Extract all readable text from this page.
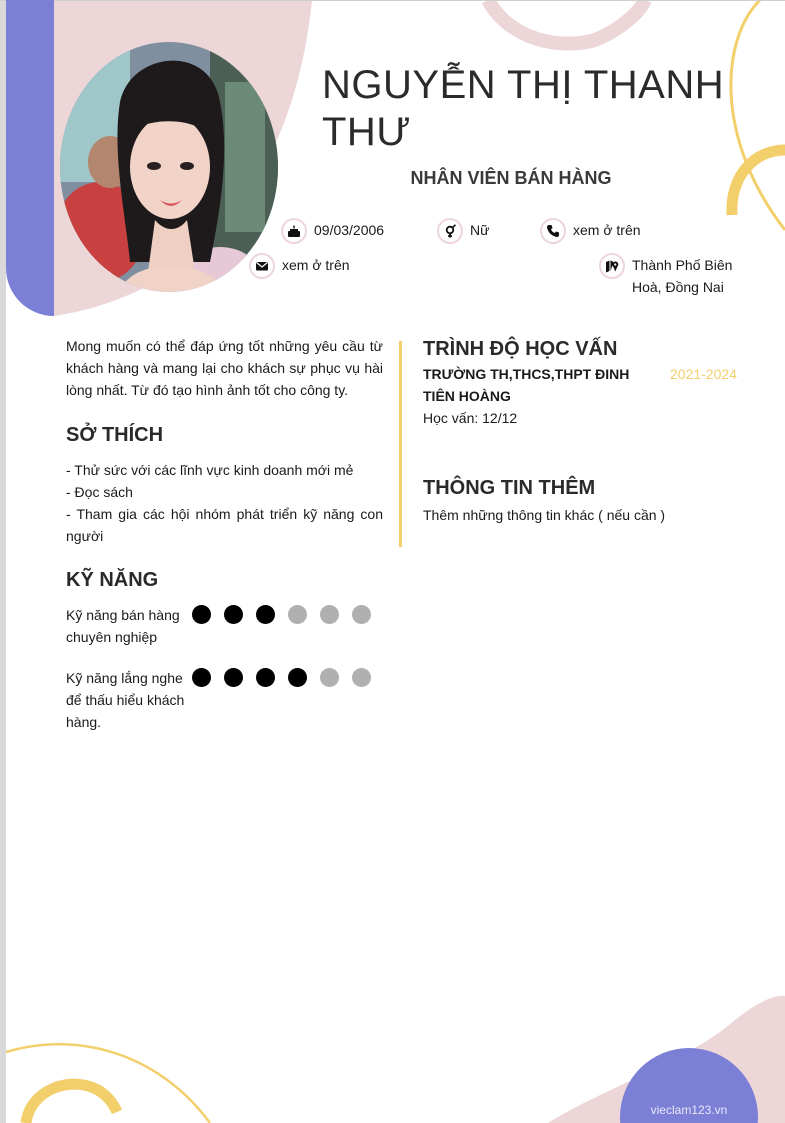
NGUYỄN THỊ THANH THƯ
NHÂN VIÊN BÁN HÀNG
09/03/2006	Nữ	xem ở trên
xem ở trên	Thành Phố Biên Hoà, Đồng Nai
Mong muốn có thể đáp ứng tốt những yêu cầu từ khách hàng và mang lại cho khách sự phục vụ hài lòng nhất. Từ đó tạo hình ảnh tốt cho công ty.
SỞ THÍCH
- Thử sức với các lĩnh vực kinh doanh mới mẻ
- Đọc sách
- Tham gia các hội nhóm phát triển kỹ năng con người
KỸ NĂNG
Kỹ năng bán hàng chuyên nghiệp
Kỹ năng lắng nghe để thấu hiểu khách hàng.
TRÌNH ĐỘ HỌC VẤN
TRƯỜNG TH,THCS,THPT ĐINH TIÊN HOÀNG
2021-2024
Học vấn: 12/12
THÔNG TIN THÊM
Thêm những thông tin khác ( nếu cần )
vieclam123.vn
